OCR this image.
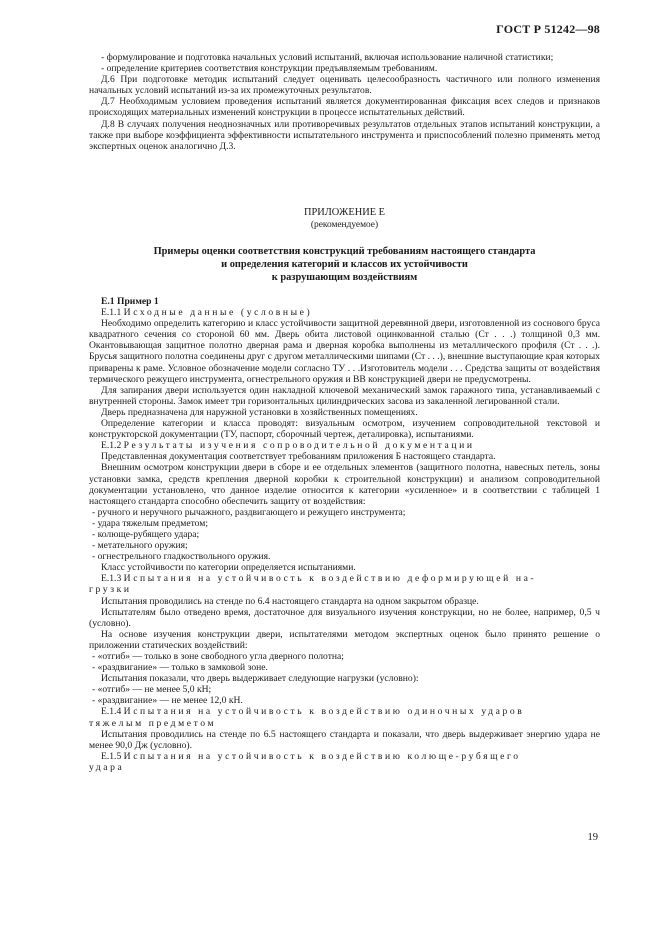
ГОСТ Р 51242—98

- формулирование и подготовка начальных условий испытаний, включая использование наличной статистики;

- определение критериев соответствия конструкции предъявляемым требованиям.

Д.6 При подготовке методик испытаний следует оценивать целесообразность частичного или полного изменения начальных условий испытаний из-за их промежуточных результатов.

Д.7 Необходимым условием проведения испытаний является документированная фиксация всех следов и признаков происходящих материальных изменений конструкции в процессе испытательных действий.

Д.8 В случаях получения неоднозначных или противоречивых результатов отдельных этапов испытаний конструкции, а также при выборе коэффициента эффективности испытательного инструмента и приспособлений полезно применять метод экспертных оценок аналогично Д.3.

ПРИЛОЖЕНИЕ Е
(рекомендуемое)
Примеры оценки соответствия конструкций требованиям настоящего стандарта
и определения категорий и классов их устойчивости
к разрушающим воздействиям

Е.1 Пример 1

Е.1.1 Исходные данные (условные)

Необходимо определить категорию и класс устойчивости защитной деревянной двери, изготовленной из сосновог​о бруса квадратного сечения со стороной 60 мм. Дверь обита листовой оцинкованной сталью (Ст . . .) толщиной 0,3 мм. Окантовывающая защитное полотно дверная рама и дверная коробка выполнены из металлического профиля (Ст . . .). Брусья защитного полотна соединены друг с другом металлическими шипами (Ст . . .), внешние выступающие края которых приварены к раме. Условное обозначение модели согласно ТУ . . .Изготовитель модели . . . Средства защиты от воздействия термического режущего инструмента, огнестрельного оружия и ВВ конструкцией двери не предусмотрены.

Для запирания двери используется один накладной ключевой механический замок гаражного типа, устанавливаемый с внутренней стороны. Замок имеет три горизонтальных цилиндрических засова из закаленной легированной стали.

Дверь предназначена для наружной установки в хозяйственных помещениях.

Определение категории и класса проводят: визуальным осмотром, изучением сопроводительной текстовой и конструкторской документации (ТУ, паспорт, сборочный чертеж, деталировка), испытаниями.

Е.1.2 Результаты изучения сопроводительной документации

Представленная документация соответствует требованиям приложения Б настоящего стандарта.

Внешним осмотром конструкции двери в сборе и ее отдельных элементов (защитного полотна, навесных петель, зоны установки замка, средств крепления дверной коробки к строительной конструкции) и анализом сопроводительной документации установлено, что данное изделие относится к категории «усиленное» и в соответствии с таблицей 1 настоящего стандарта способно обеспечить защиту от воздействия:

- ручного и неручного рычажного, раздвигающего и режущего инструмента;

- удара тяжелым предметом;

- колюще-рубящего удара;

- метательного оружия;

- огнестрельного гладкоствольного оружия.

Класс устойчивости по категории определяется испытаниями.

Е.1.3 Испытания на устойчивость к воздействию деформирующей на-

грузки

Испытания проводились на стенде по 6.4 настоящего стандарта на одном закрытом образце.

Испытателям было отведено время, достаточное для визуального изучения конструкции, но не более, например, 0,5 ч (условно).

На основе изучения конструкции двери, испытателями методом экспертных оценок было принято решение о приложении статических воздействий:

- «отгиб» — только в зоне свободного угла дверного полотна;

- «раздвигание» — только в замковой зоне.

Испытания показали, что дверь выдерживает следующие нагрузки (условно):

- «отгиб» — не менее 5,0 кН;

- «раздвигание» — не менее 12,0 кН.

Е.1.4 Испытания на устойчивость к воздействию одиночных ударов

тяжелым предметом

Испытания проводились на стенде по 6.5 настоящего стандарта и показали, что дверь выдерживает энергию удара не менее 90,0 Дж (условно).

Е.1.5 Испытания на устойчивость к воздействию колюще-рубящего

удара

19
